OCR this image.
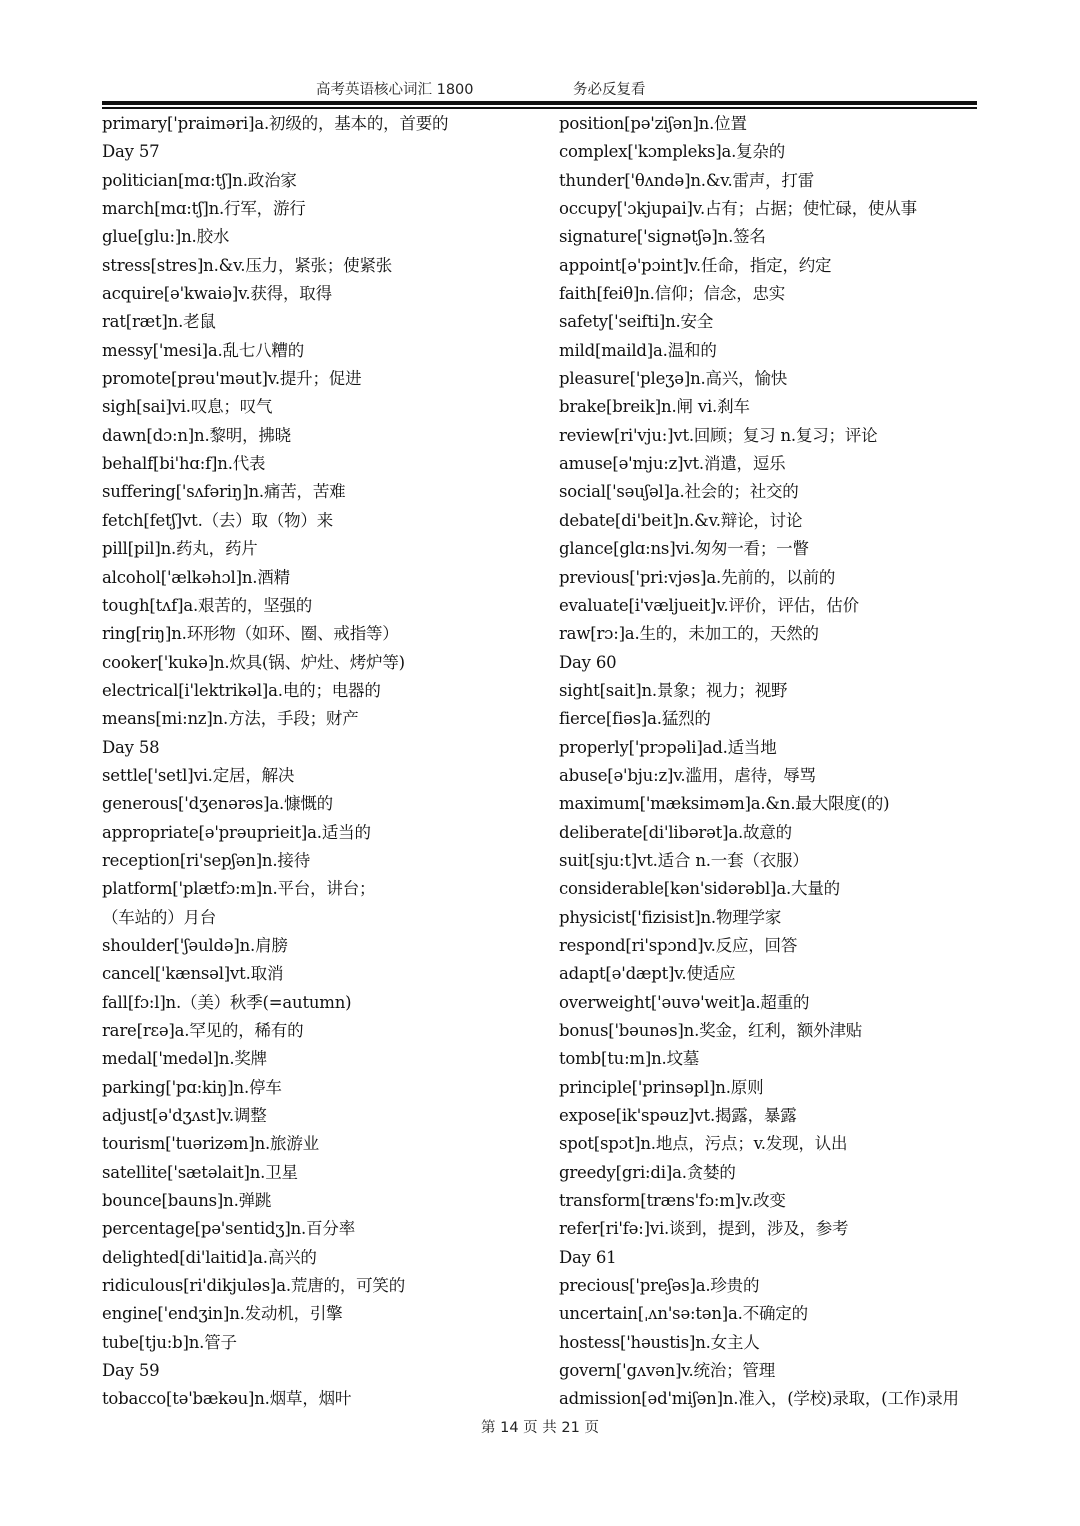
高考英语核心词汇 1800	务必反复看
primary['praiməri]a.初级的，基本的，首要的
Day 57
politician[mɑ:tʃ]n.政治家
march[mɑ:tʃ]n.行军，游行
glue[glu:]n.胶水
stress[stres]n.&v.压力，紧张；使紧张
acquire[ə'kwaiə]v.获得，取得
rat[ræt]n.老鼠
messy['mesi]a.乱七八糟的
promote[prəu'məut]v.提升；促进
sigh[sai]vi.叹息；叹气
dawn[dɔ:n]n.黎明，拂晓
behalf[bi'hɑ:f]n.代表
suffering['sʌfəriŋ]n.痛苦，苦难
fetch[fetʃ]vt.（去）取（物）来
pill[pil]n.药丸，药片
alcohol['ælkəhɔl]n.酒精
tough[tʌf]a.艰苦的，坚强的
ring[riŋ]n.环形物（如环、圈、戒指等）
cooker['kukə]n.炊具(锅、炉灶、烤炉等)
electrical[i'lektrikəl]a.电的；电器的
means[mi:nz]n.方法，手段；财产
Day 58
settle['setl]vi.定居，解决
generous['dʒenərəs]a.慷慨的
appropriate[ə'prəuprieit]a.适当的
reception[ri'sepʃən]n.接待
platform['plætfɔ:m]n.平台，讲台；
（车站的）月台
shoulder['ʃəuldə]n.肩膀
cancel['kænsəl]vt.取消
fall[fɔ:l]n.（美）秋季(=autumn)
rare[rɛə]a.罕见的，稀有的
medal['medəl]n.奖牌
parking['pɑ:kiŋ]n.停车
adjust[ə'dʒʌst]v.调整
tourism['tuərizəm]n.旅游业
satellite['sætəlait]n.卫星
bounce[bauns]n.弹跳
percentage[pə'sentidʒ]n.百分率
delighted[di'laitid]a.高兴的
ridiculous[ri'dikjuləs]a.荒唐的，可笑的
engine['endʒin]n.发动机，引擎
tube[tju:b]n.管子
Day 59
tobacco[tə'bækəu]n.烟草，烟叶
position[pə'ziʃən]n.位置
complex['kɔmpleks]a.复杂的
thunder['θʌndə]n.&v.雷声，打雷
occupy['ɔkjupai]v.占有；占据；使忙碌，使从事
signature['signətʃə]n.签名
appoint[ə'pɔint]v.任命，指定，约定
faith[feiθ]n.信仰；信念，忠实
safety['seifti]n.安全
mild[maild]a.温和的
pleasure['pleʒə]n.高兴，愉快
brake[breik]n.闸 vi.刹车
review[ri'vju:]vt.回顾；复习 n.复习；评论
amuse[ə'mju:z]vt.消遣，逗乐
social['səuʃəl]a.社会的；社交的
debate[di'beit]n.&v.辩论，讨论
glance[glɑ:ns]vi.匆匆一看；一瞥
previous['pri:vjəs]a.先前的，以前的
evaluate[i'væljueit]v.评价，评估，估价
raw[rɔ:]a.生的，未加工的，天然的
Day 60
sight[sait]n.景象；视力；视野
fierce[fiəs]a.猛烈的
properly['prɔpəli]ad.适当地
abuse[ə'bju:z]v.滥用，虐待，辱骂
maximum['mæksiməm]a.&n.最大限度(的)
deliberate[di'libərət]a.故意的
suit[sju:t]vt.适合 n.一套（衣服）
considerable[kən'sidərəbl]a.大量的
physicist['fizisist]n.物理学家
respond[ri'spɔnd]v.反应，回答
adapt[ə'dæpt]v.使适应
overweight['əuvə'weit]a.超重的
bonus['bəunəs]n.奖金，红利，额外津贴
tomb[tu:m]n.坟墓
principle['prinsəpl]n.原则
expose[ik'spəuz]vt.揭露，暴露
spot[spɔt]n.地点，污点；v.发现，认出
greedy[gri:di]a.贪婪的
transform[træns'fɔ:m]v.改变
refer[ri'fə:]vi.谈到，提到，涉及，参考
Day 61
precious['preʃəs]a.珍贵的
uncertain[ˌʌn'sə:tən]a.不确定的
hostess['həustis]n.女主人
govern['gʌvən]v.统治；管理
admission[əd'miʃən]n.准入，(学校)录取，(工作)录用
第 14 页 共 21 页
